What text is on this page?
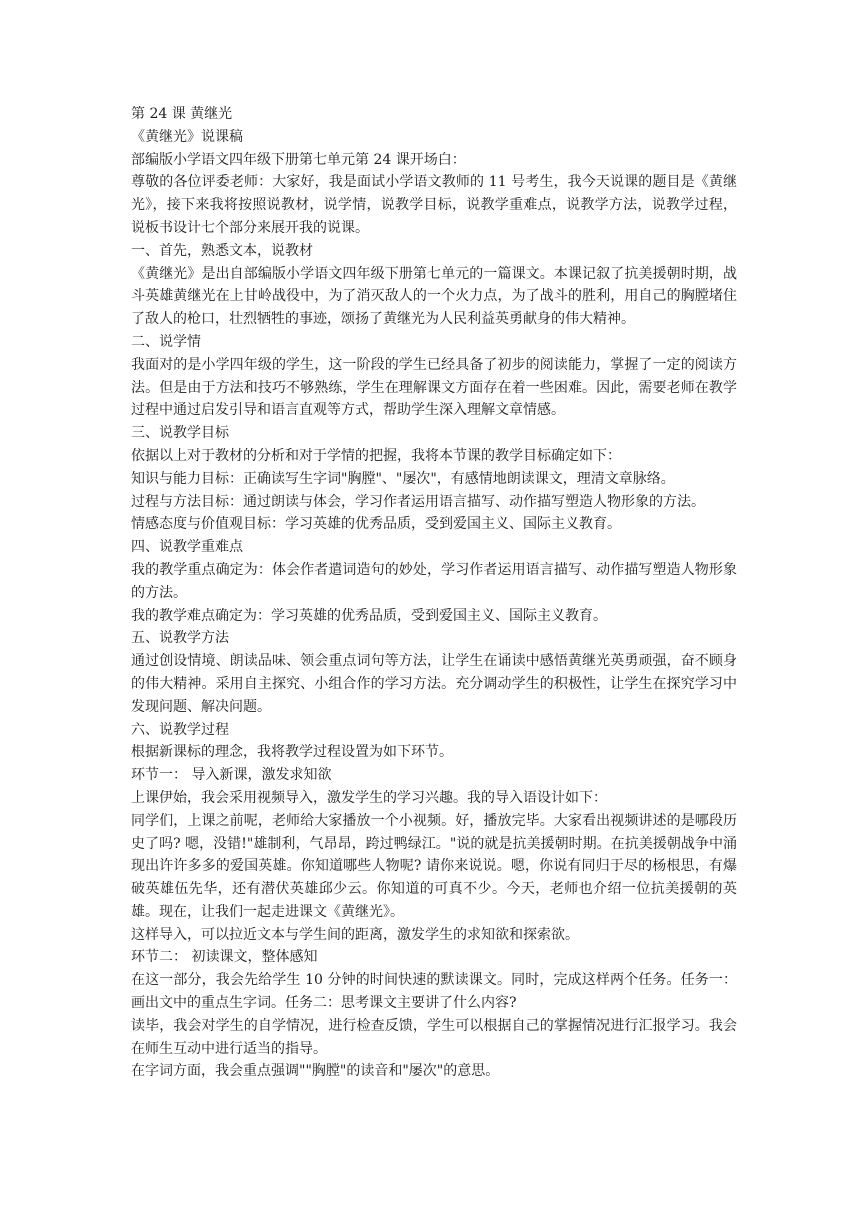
第 24 课 黄继光

《黄继光》说课稿

部编版小学语文四年级下册第七单元第 24 课开场白：

尊敬的各位评委老师：大家好，我是面试小学语文教师的 11 号考生，我今天说课的题目是《黄继光》，接下来我将按照说教材，说学情，说教学目标，说教学重难点，说教学方法，说教学过程，说板书设计七个部分来展开我的说课。

一、首先，熟悉文本，说教材

《黄继光》是出自部编版小学语文四年级下册第七单元的一篇课文。本课记叙了抗美援朝时期，战斗英雄黄继光在上甘岭战役中，为了消灭敌人的一个火力点，为了战斗的胜利，用自己的胸膛堵住了敌人的枪口，壮烈牺牲的事迹，颂扬了黄继光为人民利益英勇献身的伟大精神。

二、说学情

我面对的是小学四年级的学生，这一阶段的学生已经具备了初步的阅读能力，掌握了一定的阅读方法。但是由于方法和技巧不够熟练，学生在理解课文方面存在着一些困难。因此，需要老师在教学过程中通过启发引导和语言直观等方式，帮助学生深入理解文章情感。

三、说教学目标

依据以上对于教材的分析和对于学情的把握，我将本节课的教学目标确定如下：

知识与能力目标：正确读写生字词"胸膛"、"屡次"，有感情地朗读课文，理清文章脉络。

过程与方法目标：通过朗读与体会，学习作者运用语言描写、动作描写塑造人物形象的方法。

情感态度与价值观目标：学习英雄的优秀品质，受到爱国主义、国际主义教育。

四、说教学重难点

我的教学重点确定为：体会作者遣词造句的妙处，学习作者运用语言描写、动作描写塑造人物形象的方法。

我的教学难点确定为：学习英雄的优秀品质，受到爱国主义、国际主义教育。

五、说教学方法

通过创设情境、朗读品味、领会重点词句等方法，让学生在诵读中感悟黄继光英勇顽强，奋不顾身的伟大精神。采用自主探究、小组合作的学习方法。充分调动学生的积极性，让学生在探究学习中发现问题、解决问题。

六、说教学过程

根据新课标的理念，我将教学过程设置为如下环节。

环节一： 导入新课，激发求知欲

上课伊始，我会采用视频导入，激发学生的学习兴趣。我的导入语设计如下：

同学们，上课之前呢，老师给大家播放一个小视频。好，播放完毕。大家看出视频讲述的是哪段历史了吗? 嗯，没错!"雄制利，气昂昂，跨过鸭绿江。"说的就是抗美援朝时期。在抗美援朝战争中涌现出许许多多的爱国英雄。你知道哪些人物呢? 请你来说说。嗯，你说有同归于尽的杨根思，有爆破英雄伍先华，还有潜伏英雄邱少云。你知道的可真不少。今天，老师也介绍一位抗美援朝的英雄。现在，让我们一起走进课文《黄继光》。

这样导入，可以拉近文本与学生间的距离，激发学生的求知欲和探索欲。

环节二： 初读课文，整体感知

在这一部分，我会先给学生 10 分钟的时间快速的默读课文。同时，完成这样两个任务。任务一：画出文中的重点生字词。任务二：思考课文主要讲了什么内容?

读毕，我会对学生的自学情况，进行检查反馈，学生可以根据自己的掌握情况进行汇报学习。我会在师生互动中进行适当的指导。

在字词方面，我会重点强调""胸膛"的读音和"屡次"的意思。
